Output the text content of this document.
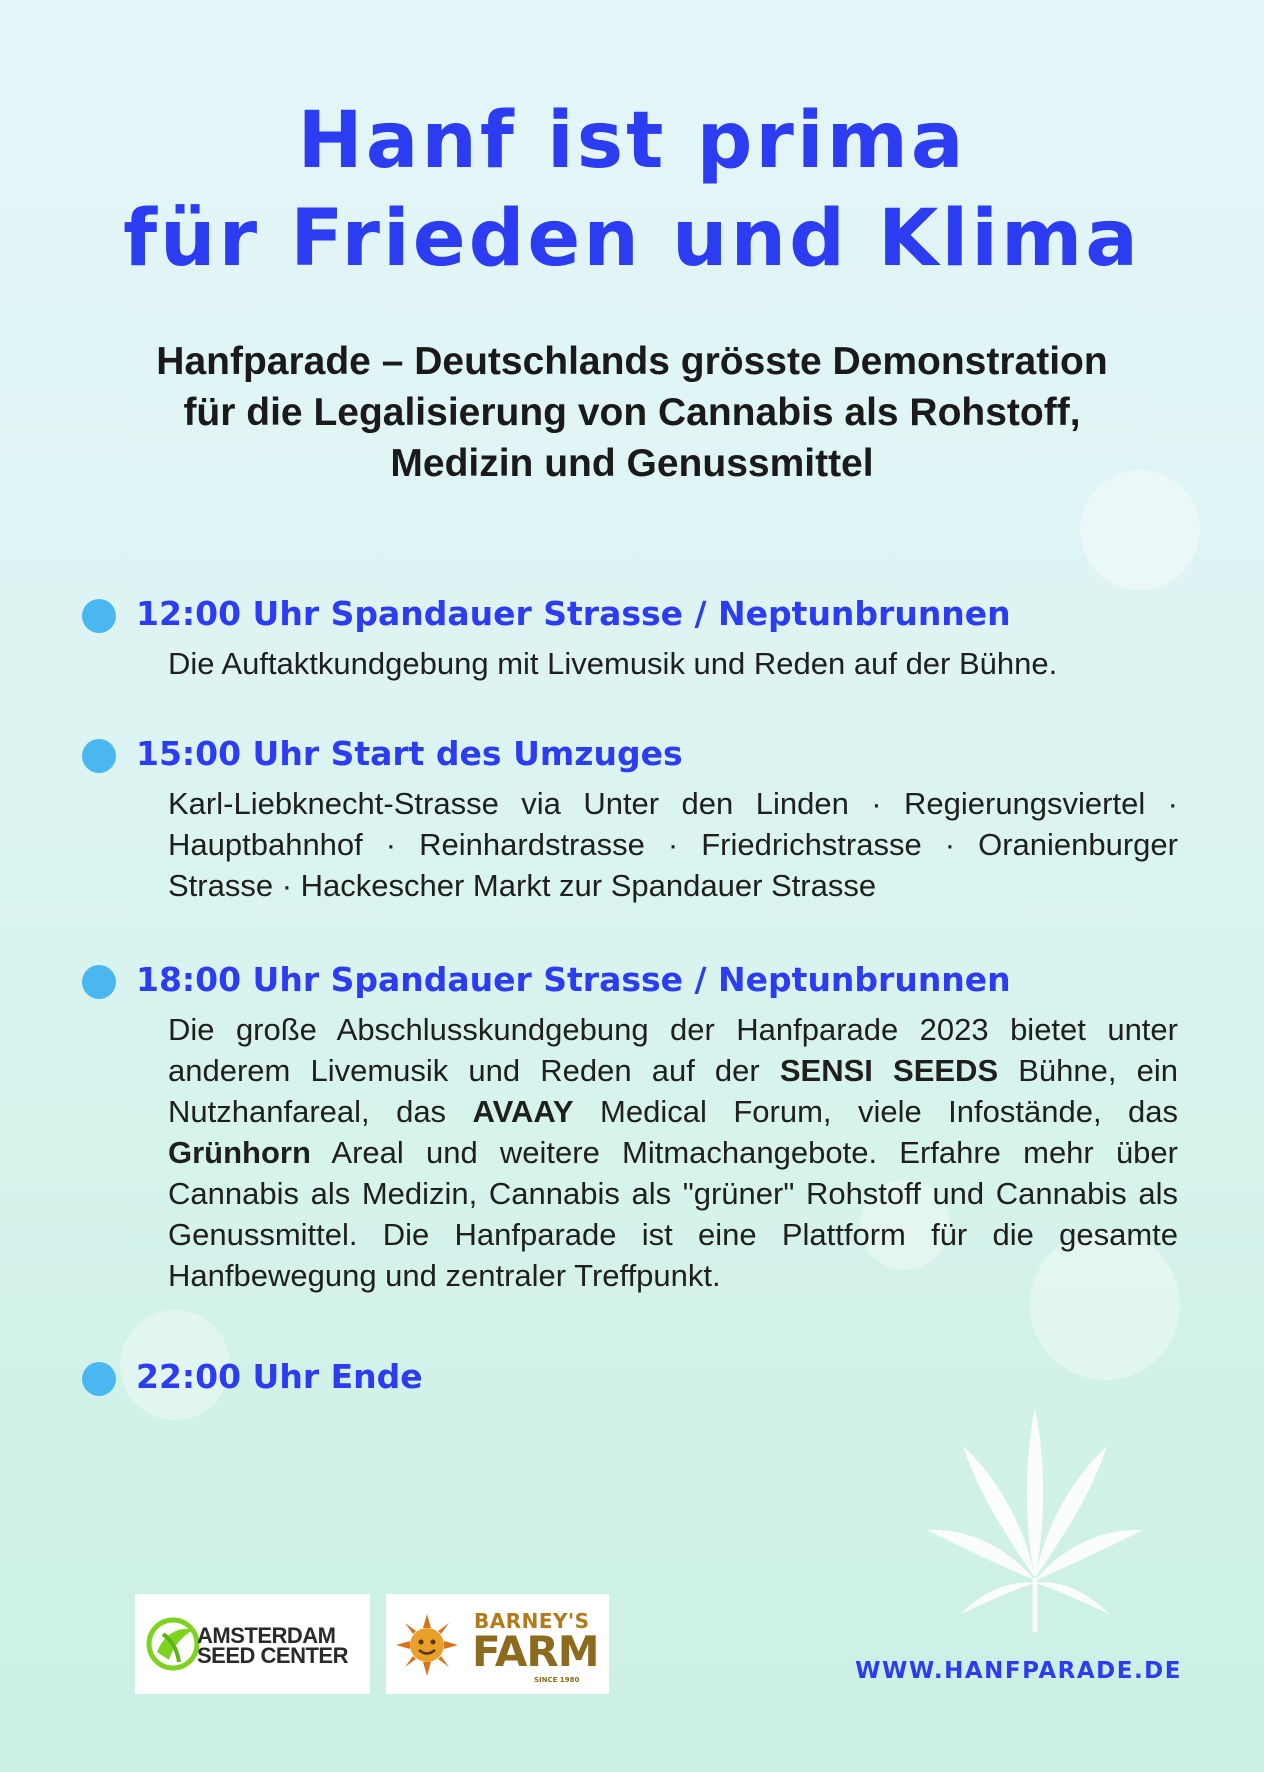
Hanf ist prima
für Frieden und Klima

Hanfparade – Deutschlands grösste Demonstration
für die Legalisierung von Cannabis als Rohstoff,
Medizin und Genussmittel

12:00 Uhr Spandauer Strasse / Neptunbrunnen

Die Auftaktkundgebung mit Livemusik und Reden auf der Bühne.

15:00 Uhr Start des Umzuges

Karl-Liebknecht-Strasse via Unter den Linden · Regierungsviertel · Hauptbahnhof · Reinhardstrasse · Friedrichstrasse · Oranienburger Strasse · Hackescher Markt zur Spandauer Strasse

18:00 Uhr Spandauer Strasse / Neptunbrunnen

Die große Abschlusskundgebung der Hanfparade 2023 bietet unter anderem Livemusik und Reden auf der SENSI SEEDS Bühne, ein Nutzhanfareal, das AVAAY Medical Forum, viele Infostände, das Grünhorn Areal und weitere Mitmachangebote. Erfahre mehr über Cannabis als Medizin, Cannabis als "grüner" Rohstoff und Cannabis als Genussmittel. Die Hanfparade ist eine Plattform für die gesamte Hanfbewegung und zentraler Treffpunkt.

22:00 Uhr Ende

AMSTERDAM
SEED CENTER

BARNEY'S

FARM

SINCE 1980	WWW.HANFPARADE.DE
